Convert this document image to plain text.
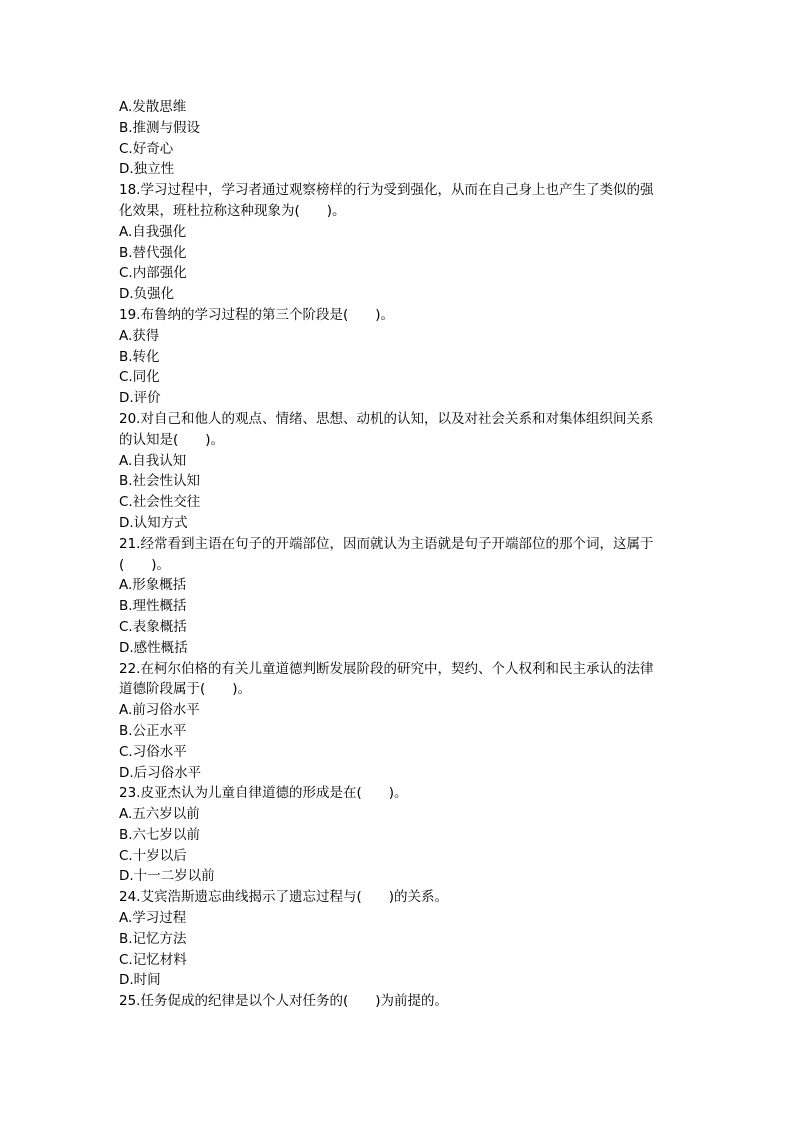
A.发散思维
B.推测与假设
C.好奇心
D.独立性
18.学习过程中，学习者通过观察榜样的行为受到强化，从而在自己身上也产生了类似的强
化效果，班杜拉称这种现象为(　　)。
A.自我强化
B.替代强化
C.内部强化
D.负强化
19.布鲁纳的学习过程的第三个阶段是(　　)。
A.获得
B.转化
C.同化
D.评价
20.对自己和他人的观点、情绪、思想、动机的认知，以及对社会关系和对集体组织间关系
的认知是(　　)。
A.自我认知
B.社会性认知
C.社会性交往
D.认知方式
21.经常看到主语在句子的开端部位，因而就认为主语就是句子开端部位的那个词，这属于
(　　)。
A.形象概括
B.理性概括
C.表象概括
D.感性概括
22.在柯尔伯格的有关儿童道德判断发展阶段的研究中，契约、个人权利和民主承认的法律
道德阶段属于(　　)。
A.前习俗水平
B.公正水平
C.习俗水平
D.后习俗水平
23.皮亚杰认为儿童自律道德的形成是在(　　)。
A.五六岁以前
B.六七岁以前
C.十岁以后
D.十一二岁以前
24.艾宾浩斯遗忘曲线揭示了遗忘过程与(　　)的关系。
A.学习过程
B.记忆方法
C.记忆材料
D.时间
25.任务促成的纪律是以个人对任务的(　　)为前提的。
